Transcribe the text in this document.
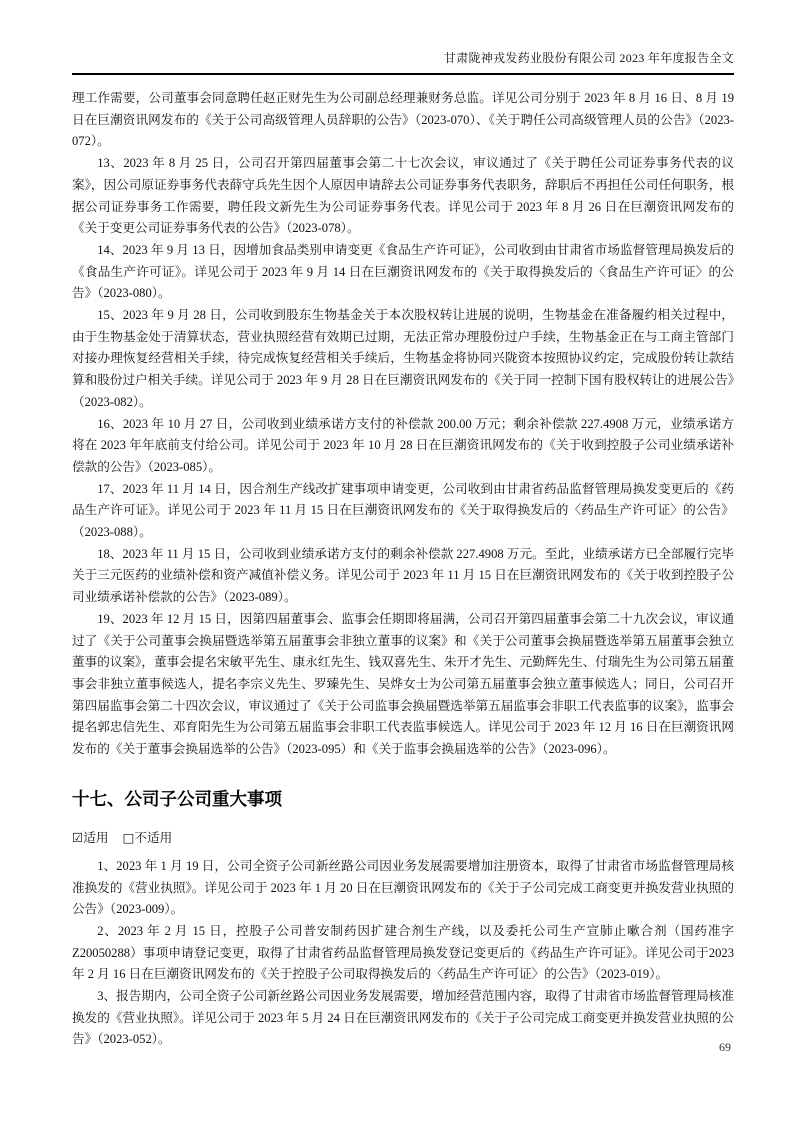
甘肃陇神戎发药业股份有限公司 2023 年年度报告全文

理工作需要，公司董事会同意聘任赵正财先生为公司副总经理兼财务总监。详见公司分别于 2023 年 8 月 16 日、8 月 19 日在巨潮资讯网发布的《关于公司高级管理人员辞职的公告》（2023-070）、《关于聘任公司高级管理人员的公告》（2023-072）。

13、2023 年 8 月 25 日，公司召开第四届董事会第二十七次会议，审议通过了《关于聘任公司证券事务代表的议案》，因公司原证券事务代表薛守兵先生因个人原因申请辞去公司证券事务代表职务，辞职后不再担任公司任何职务，根据公司证券事务工作需要，聘任段文新先生为公司证券事务代表。详见公司于 2023 年 8 月 26 日在巨潮资讯网发布的《关于变更公司证券事务代表的公告》（2023-078）。

14、2023 年 9 月 13 日，因增加食品类别申请变更《食品生产许可证》，公司收到由甘肃省市场监督管理局换发后的《食品生产许可证》。详见公司于 2023 年 9 月 14 日在巨潮资讯网发布的《关于取得换发后的〈食品生产许可证〉的公告》（2023-080）。

15、2023 年 9 月 28 日，公司收到股东生物基金关于本次股权转让进展的说明，生物基金在准备履约相关过程中，由于生物基金处于清算状态，营业执照经营有效期已过期，无法正常办理股份过户手续，生物基金正在与工商主管部门对接办理恢复经营相关手续，待完成恢复经营相关手续后，生物基金将协同兴陇资本按照协议约定，完成股份转让款结算和股份过户相关手续。详见公司于 2023 年 9 月 28 日在巨潮资讯网发布的《关于同一控制下国有股权转让的进展公告》（2023-082）。

16、2023 年 10 月 27 日，公司收到业绩承诺方支付的补偿款 200.00 万元；剩余补偿款 227.4908 万元，业绩承诺方将在 2023 年年底前支付给公司。详见公司于 2023 年 10 月 28 日在巨潮资讯网发布的《关于收到控股子公司业绩承诺补偿款的公告》（2023-085）。

17、2023 年 11 月 14 日，因合剂生产线改扩建事项申请变更，公司收到由甘肃省药品监督管理局换发变更后的《药品生产许可证》。详见公司于 2023 年 11 月 15 日在巨潮资讯网发布的《关于取得换发后的〈药品生产许可证〉的公告》（2023-088）。

18、2023 年 11 月 15 日，公司收到业绩承诺方支付的剩余补偿款 227.4908 万元。至此，业绩承诺方已全部履行完毕关于三元医药的业绩补偿和资产减值补偿义务。详见公司于 2023 年 11 月 15 日在巨潮资讯网发布的《关于收到控股子公司业绩承诺补偿款的公告》（2023-089）。

19、2023 年 12 月 15 日，因第四届董事会、监事会任期即将届满，公司召开第四届董事会第二十九次会议，审议通过了《关于公司董事会换届暨选举第五届董事会非独立董事的议案》和《关于公司董事会换届暨选举第五届董事会独立董事的议案》，董事会提名宋敏平先生、康永红先生、钱双喜先生、朱开才先生、元勤辉先生、付瑞先生为公司第五届董事会非独立董事候选人，提名李宗义先生、罗臻先生、吴烨女士为公司第五届董事会独立董事候选人；同日，公司召开第四届监事会第二十四次会议，审议通过了《关于公司监事会换届暨选举第五届监事会非职工代表监事的议案》，监事会提名郭忠信先生、邓育阳先生为公司第五届监事会非职工代表监事候选人。详见公司于 2023 年 12 月 16 日在巨潮资讯网发布的《关于董事会换届选举的公告》（2023-095）和《关于监事会换届选举的公告》（2023-096）。

十七、公司子公司重大事项
☑适用 □不适用

1、2023 年 1 月 19 日，公司全资子公司新丝路公司因业务发展需要增加注册资本，取得了甘肃省市场监督管理局核准换发的《营业执照》。详见公司于 2023 年 1 月 20 日在巨潮资讯网发布的《关于子公司完成工商变更并换发营业执照的公告》（2023-009）。

2、2023 年 2 月 15 日，控股子公司普安制药因扩建合剂生产线，以及委托公司生产宣肺止嗽合剂（国药准字Z20050288）事项申请登记变更，取得了甘肃省药品监督管理局换发登记变更后的《药品生产许可证》。详见公司于2023 年 2 月 16 日在巨潮资讯网发布的《关于控股子公司取得换发后的〈药品生产许可证〉的公告》（2023-019）。

3、报告期内，公司全资子公司新丝路公司因业务发展需要，增加经营范围内容，取得了甘肃省市场监督管理局核准换发的《营业执照》。详见公司于 2023 年 5 月 24 日在巨潮资讯网发布的《关于子公司完成工商变更并换发营业执照的公告》（2023-052）。

69
